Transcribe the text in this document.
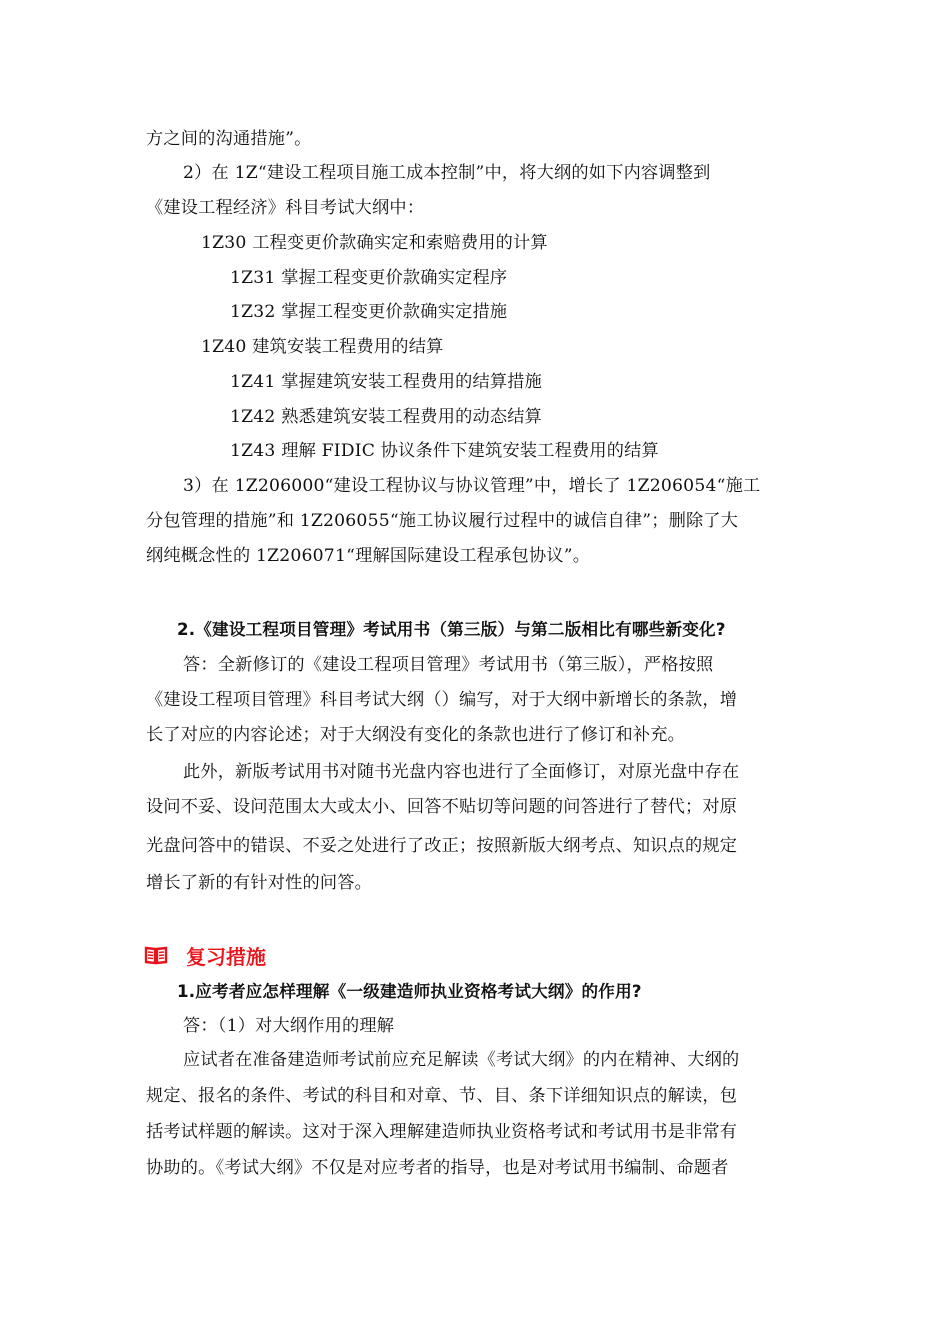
方之间的沟通措施”。
2）在 1Z“建设工程项目施工成本控制”中，将大纲的如下内容调整到
《建设工程经济》科目考试大纲中：
1Z30 工程变更价款确实定和索赔费用的计算
1Z31 掌握工程变更价款确实定程序
1Z32 掌握工程变更价款确实定措施
1Z40 建筑安装工程费用的结算
1Z41 掌握建筑安装工程费用的结算措施
1Z42 熟悉建筑安装工程费用的动态结算
1Z43 理解 FIDIC 协议条件下建筑安装工程费用的结算
3）在 1Z206000“建设工程协议与协议管理”中，增长了 1Z206054“施工
分包管理的措施”和 1Z206055“施工协议履行过程中的诚信自律”；删除了大
纲纯概念性的 1Z206071“理解国际建设工程承包协议”。
2.《建设工程项目管理》考试用书（第三版）与第二版相比有哪些新变化?
答：全新修订的《建设工程项目管理》考试用书（第三版），严格按照
《建设工程项目管理》科目考试大纲（）编写，对于大纲中新增长的条款，增
长了对应的内容论述；对于大纲没有变化的条款也进行了修订和补充。
此外，新版考试用书对随书光盘内容也进行了全面修订，对原光盘中存在
设问不妥、设问范围太大或太小、回答不贴切等问题的问答进行了替代；对原
光盘问答中的错误、不妥之处进行了改正；按照新版大纲考点、知识点的规定
增长了新的有针对性的问答。
复习措施
1.应考者应怎样理解《一级建造师执业资格考试大纲》的作用?
答：（1）对大纲作用的理解
应试者在准备建造师考试前应充足解读《考试大纲》的内在精神、大纲的
规定、报名的条件、考试的科目和对章、节、目、条下详细知识点的解读，包
括考试样题的解读。这对于深入理解建造师执业资格考试和考试用书是非常有
协助的。《考试大纲》不仅是对应考者的指导，也是对考试用书编制、命题者
